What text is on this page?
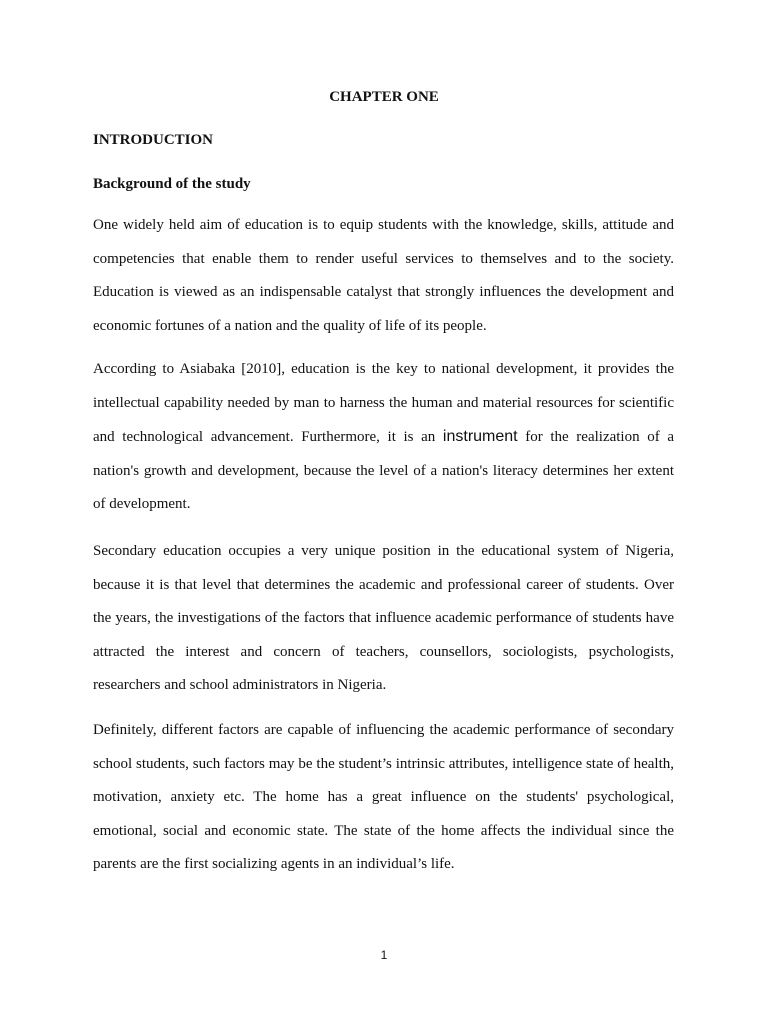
CHAPTER ONE
INTRODUCTION
Background of the study

One widely held aim of education is to equip students with the knowledge, skills, attitude and competencies that enable them to render useful services to themselves and to the society. Education is viewed as an indispensable catalyst that strongly influences the development and economic fortunes of a nation and the quality of life of its people.

According to Asiabaka [2010], education is the key to national development, it provides the intellectual capability needed by man to harness the human and material resources for scientific and technological advancement. Furthermore, it is an instrument for the realization of a nation's growth and development, because the level of a nation's literacy determines her extent of development.

Secondary education occupies a very unique position in the educational system of Nigeria, because it is that level that determines the academic and professional career of students. Over the years, the investigations of the factors that influence academic performance of students have attracted the interest and concern of teachers, counsellors, sociologists, psychologists, researchers and school administrators in Nigeria.

Definitely, different factors are capable of influencing the academic performance of secondary school students, such factors may be the student’s intrinsic attributes, intelligence state of health, motivation, anxiety etc. The home has a great influence on the students' psychological, emotional, social and economic state. The state of the home affects the individual since the parents are the first socializing agents in an individual’s life.

1
